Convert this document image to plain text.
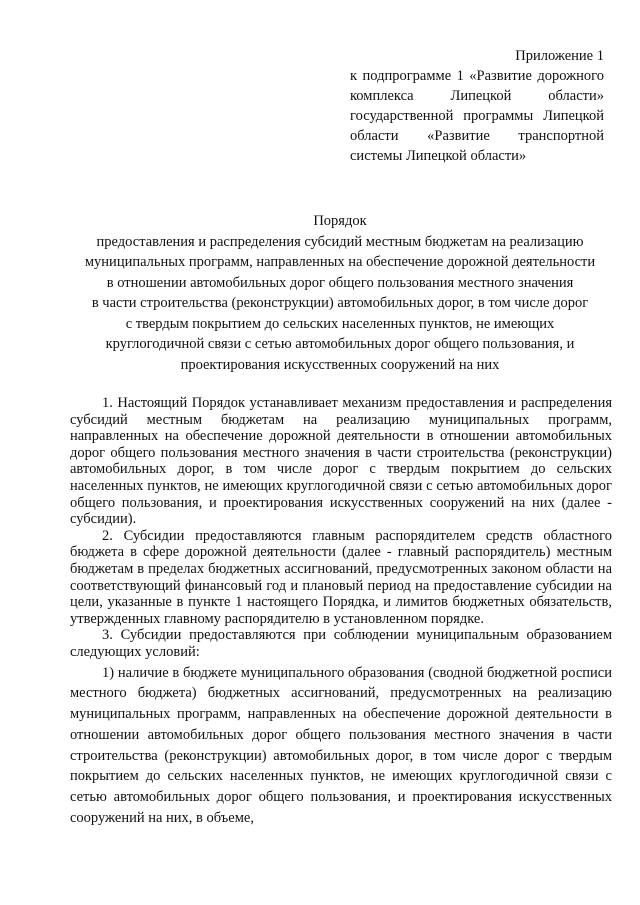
Приложение 1
к подпрограмме 1 «Развитие дорожного комплекса Липецкой области» государственной программы Липецкой области «Развитие транспортной системы Липецкой области»
Порядок
предоставления и распределения субсидий местным бюджетам на реализацию
муниципальных программ, направленных на обеспечение дорожной деятельности
в отношении автомобильных дорог общего пользования местного значения
в части строительства (реконструкции) автомобильных дорог, в том числе дорог
с твердым покрытием до сельских населенных пунктов, не имеющих
круглогодичной связи с сетью автомобильных дорог общего пользования, и
проектирования искусственных сооружений на них

1. Настоящий Порядок устанавливает механизм предоставления и распределения субсидий местным бюджетам на реализацию муниципальных программ, направленных на обеспечение дорожной деятельности в отношении автомобильных дорог общего пользования местного значения в части строительства (реконструкции) автомобильных дорог, в том числе дорог с твердым покрытием до сельских населенных пунктов, не имеющих круглогодичной связи с сетью автомобильных дорог общего пользования, и проектирования искусственных сооружений на них (далее - субсидии).

2. Субсидии предоставляются главным распорядителем средств областного бюджета в сфере дорожной деятельности (далее - главный распорядитель) местным бюджетам в пределах бюджетных ассигнований, предусмотренных законом области на соответствующий финансовый год и плановый период на предоставление субсидии на цели, указанные в пункте 1 настоящего Порядка, и лимитов бюджетных обязательств, утвержденных главному распорядителю в установленном порядке.

3. Субсидии предоставляются при соблюдении муниципальным образованием следующих условий:

1) наличие в бюджете муниципального образования (сводной бюджетной росписи местного бюджета) бюджетных ассигнований, предусмотренных на реализацию муниципальных программ, направленных на обеспечение дорожной деятельности в отношении автомобильных дорог общего пользования местного значения в части строительства (реконструкции) автомобильных дорог, в том числе дорог с твердым покрытием до сельских населенных пунктов, не имеющих круглогодичной связи с сетью автомобильных дорог общего пользования, и проектирования искусственных сооружений на них, в объеме,
